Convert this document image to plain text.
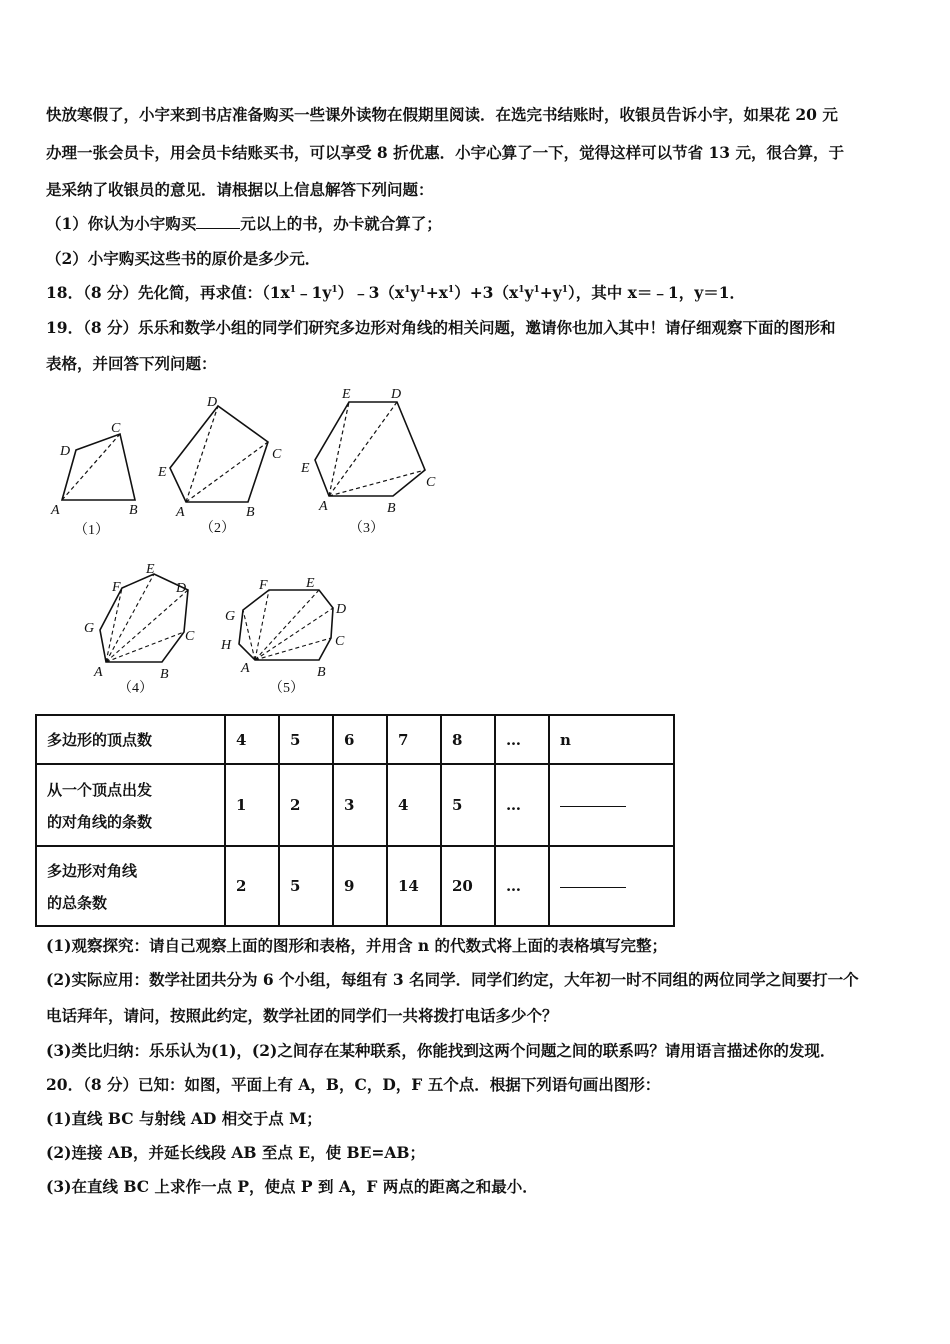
快放寒假了，小宇来到书店准备购买一些课外读物在假期里阅读．在选完书结账时，收银员告诉小宇，如果花 20 元
办理一张会员卡，用会员卡结账买书，可以享受 8 折优惠．小宇心算了一下，觉得这样可以节省 13 元，很合算，于
是采纳了收银员的意见．请根据以上信息解答下列问题：
（1）你认为小宇购买	元以上的书，办卡就合算了；
（2）小宇购买这些书的原价是多少元．
18．（8 分）先化简，再求值：$(1x^1﹣1y^1)﹣3(x^1y^1+x^1)+3(x^1y^1+y^1)$，其中 x＝﹣1，y＝1．
19．（8 分）乐乐和数学小组的同学们研究多边形对角线的相关问题，邀请你也加入其中！请仔细观察下面的图形和
表格，并回答下列问题：
A	B
C
D
（1）
A	B
C
D
E
（2）
A	B
C
D
E
E
（3）
A	B
C
D
E
F
G
（4）
A	B
C
D
E
F
G
H
（5）
多边形的顶点数	4	5	6	7	8	…	n

从一个顶点出发
的对角线的条数	1	2	3	4	5	…	

多边形对角线
的总条数	2	5	9	14	20	…	
(1)观察探究：请自己观察上面的图形和表格，并用含 n 的代数式将上面的表格填写完整；
(2)实际应用：数学社团共分为 6 个小组，每组有 3 名同学．同学们约定，大年初一时不同组的两位同学之间要打一个
电话拜年，请问，按照此约定，数学社团的同学们一共将拨打电话多少个？
(3)类比归纳：乐乐认为(1)，(2)之间存在某种联系，你能找到这两个问题之间的联系吗？请用语言描述你的发现．
20．（8 分）已知：如图，平面上有 A，B，C，D，F 五个点．根据下列语句画出图形：
(1)直线 BC 与射线 AD 相交于点 M；
(2)连接 AB，并延长线段 AB 至点 E，使 BE=AB；
(3)在直线 BC 上求作一点 P，使点 P 到 A，F 两点的距离之和最小．
